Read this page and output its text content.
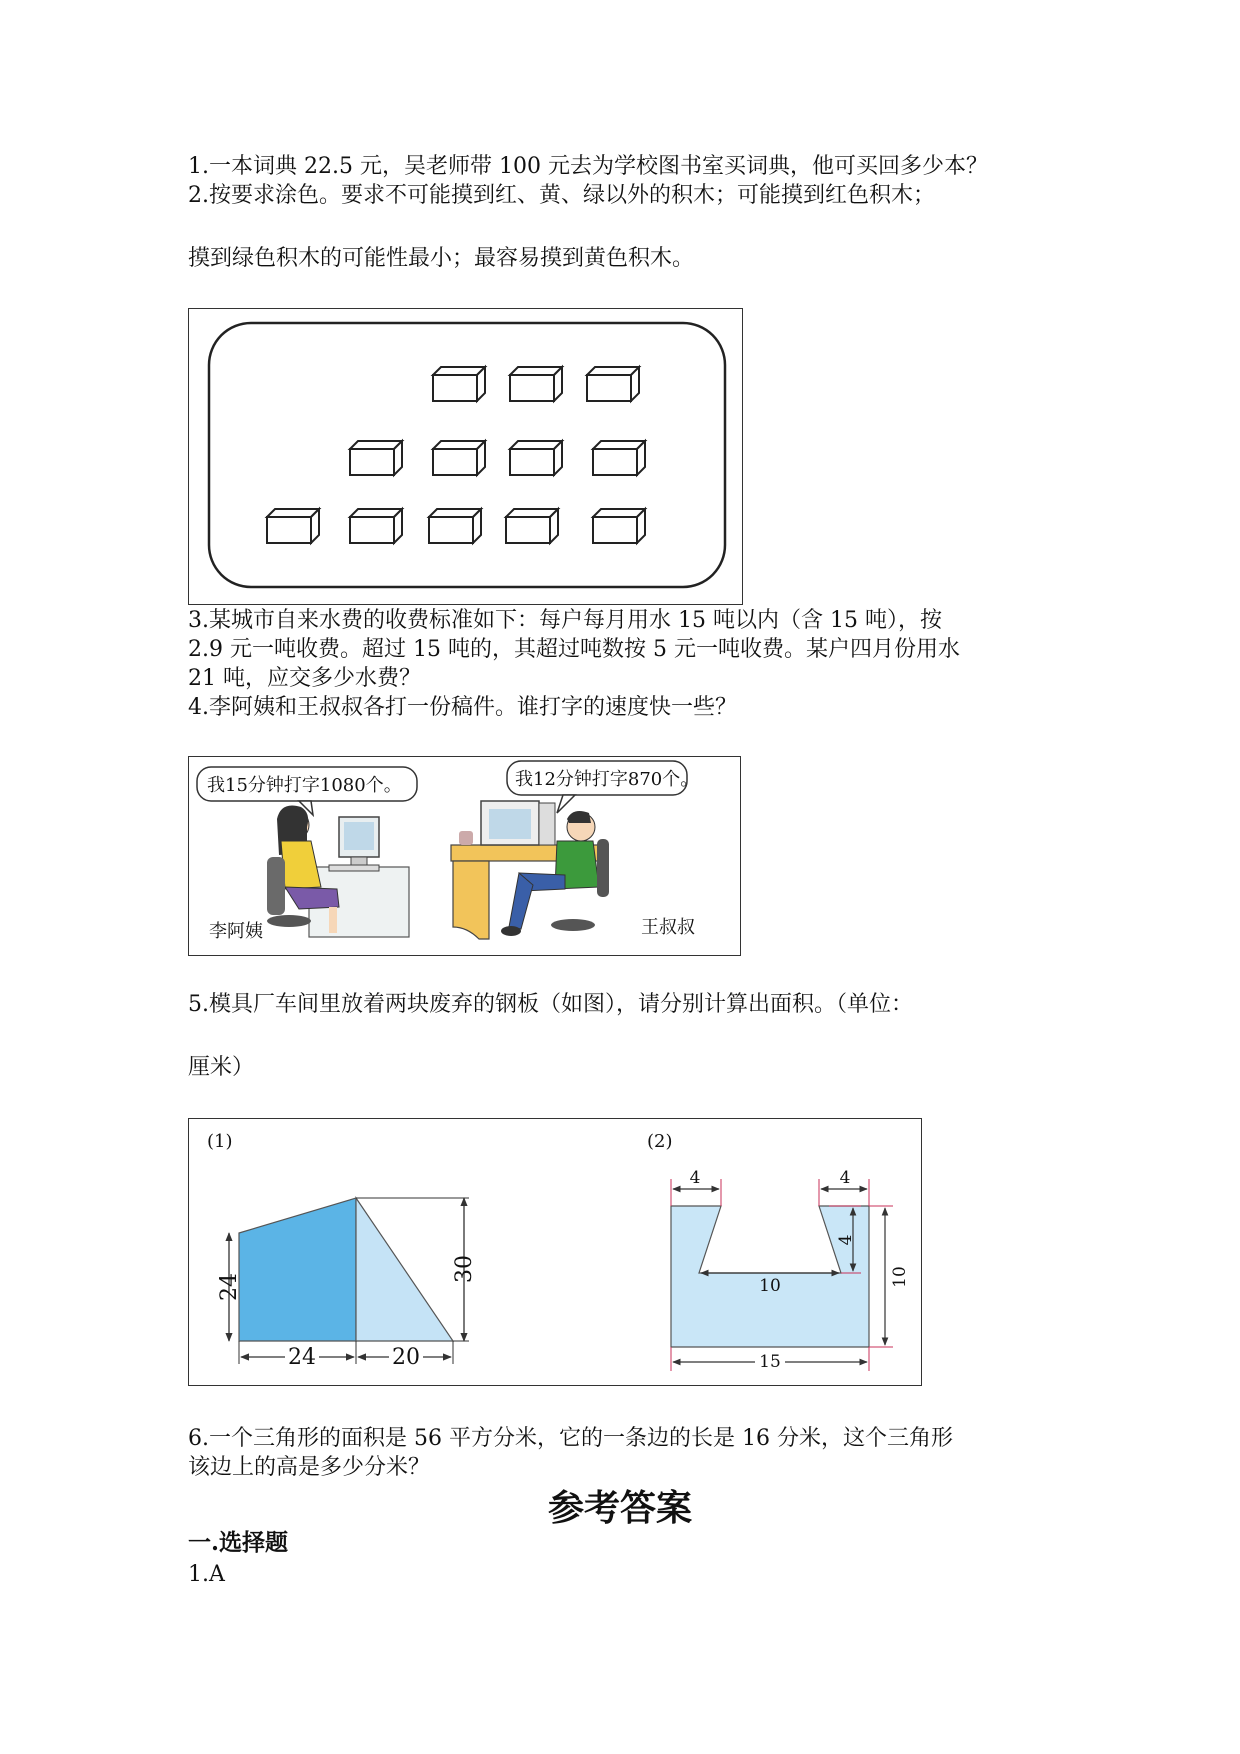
1.一本词典 22.5 元，吴老师带 100 元去为学校图书室买词典，他可买回多少本？
2.按要求涂色。要求不可能摸到红、黄、绿以外的积木；可能摸到红色积木；
摸到绿色积木的可能性最小；最容易摸到黄色积木。
3.某城市自来水费的收费标准如下：每户每月用水 15 吨以内（含 15 吨），按
2.9 元一吨收费。超过 15 吨的，其超过吨数按 5 元一吨收费。某户四月份用水
21 吨，应交多少水费？
4.李阿姨和王叔叔各打一份稿件。谁打字的速度快一些？
我15分钟打字1080个。	我12分钟打字870个。
李阿姨	王叔叔
5.模具厂车间里放着两块废弃的钢板（如图），请分别计算出面积。（单位：
厘米）
(1)	(2)
24
30
24	20
4	4
4
10	10
15
6.一个三角形的面积是 56 平方分米，它的一条边的长是 16 分米，这个三角形
该边上的高是多少分米？
参考答案
一.选择题
1.A
